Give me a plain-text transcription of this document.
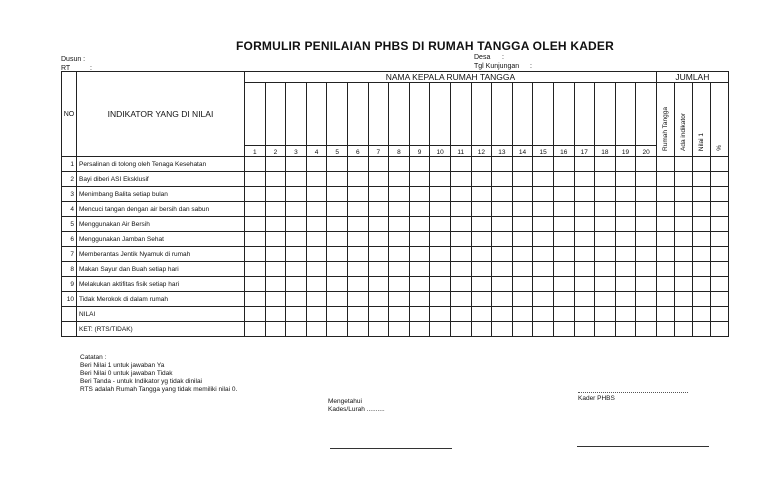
FORMULIR PENILAIAN PHBS DI RUMAH TANGGA OLEH KADER
Dusun :
RT	:
Desa :
Tgl Kunjungan :
NO	INDIKATOR YANG DI NILAI	NAMA KEPALA RUMAH TANGGA																				JUMLAH			
																						Rumah Tangga	Ada indikator	Nilai 1	%
		1	2	3	4	5	6	7	8	9	10	11	12	13	14	15	16	17	18	19	20				
1	Persalinan di tolong oleh Tenaga Kesehatan																								
2	Bayi diberi ASI Eksklusif																								
3	Menimbang Balita setiap bulan																								
4	Mencuci tangan dengan air bersih dan sabun																								
5	Menggunakan Air Bersih																								
6	Menggunakan Jamban Sehat																								
7	Memberantas Jentik Nyamuk di rumah																								
8	Makan Sayur dan Buah setiap hari																								
9	Melakukan aktifitas fisik setiap hari																								
10	Tidak Merokok di dalam rumah																								
	NILAI																								
	KET: (RTS/TIDAK)																								
Catatan :
Beri Nilai 1 untuk jawaban Ya
Beri Nilai 0 untuk jawaban Tidak
Beri Tanda - untuk Indikator yg tidak dinilai
RTS adalah Rumah Tangga yang tidak memiliki nilai 0.
Mengetahui
Kades/Lurah ..........
Kader PHBS
